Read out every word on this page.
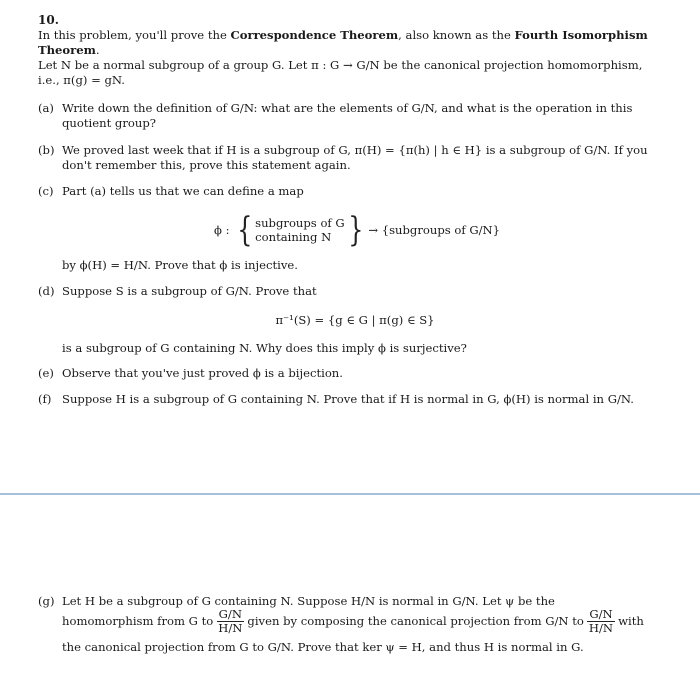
10.
In this problem, you'll prove the Correspondence Theorem, also known as the Fourth Isomorphism Theorem.
Let N be a normal subgroup of a group G. Let π : G → G/N be the canonical projection homomorphism, i.e., π(g) = gN.
(a) Write down the definition of G/N: what are the elements of G/N, and what is the operation in this quotient group?
(b) We proved last week that if H is a subgroup of G, π(H) = {π(h) | h ∈ H} is a subgroup of G/N. If you don't remember this, prove this statement again.
(c) Part (a) tells us that we can define a map
ϕ : { subgroups of G
containing N } → {subgroups of G/N}
by ϕ(H) = H/N. Prove that ϕ is injective.
(d) Suppose S is a subgroup of G/N. Prove that
π⁻¹(S) = {g ∈ G | π(g) ∈ S}
is a subgroup of G containing N. Why does this imply ϕ is surjective?
(e) Observe that you've just proved ϕ is a bijection.
(f) Suppose H is a subgroup of G containing N. Prove that if H is normal in G, ϕ(H) is normal in G/N.
(g) Let H be a subgroup of G containing N. Suppose H/N is normal in G/N. Let ψ be the
homomorphism from G to $\frac{G/N}{H/N}$ given by composing the canonical projection from G/N to $\frac{G/N}{H/N}$ with
the canonical projection from G to G/N. Prove that ker ψ = H, and thus H is normal in G.
